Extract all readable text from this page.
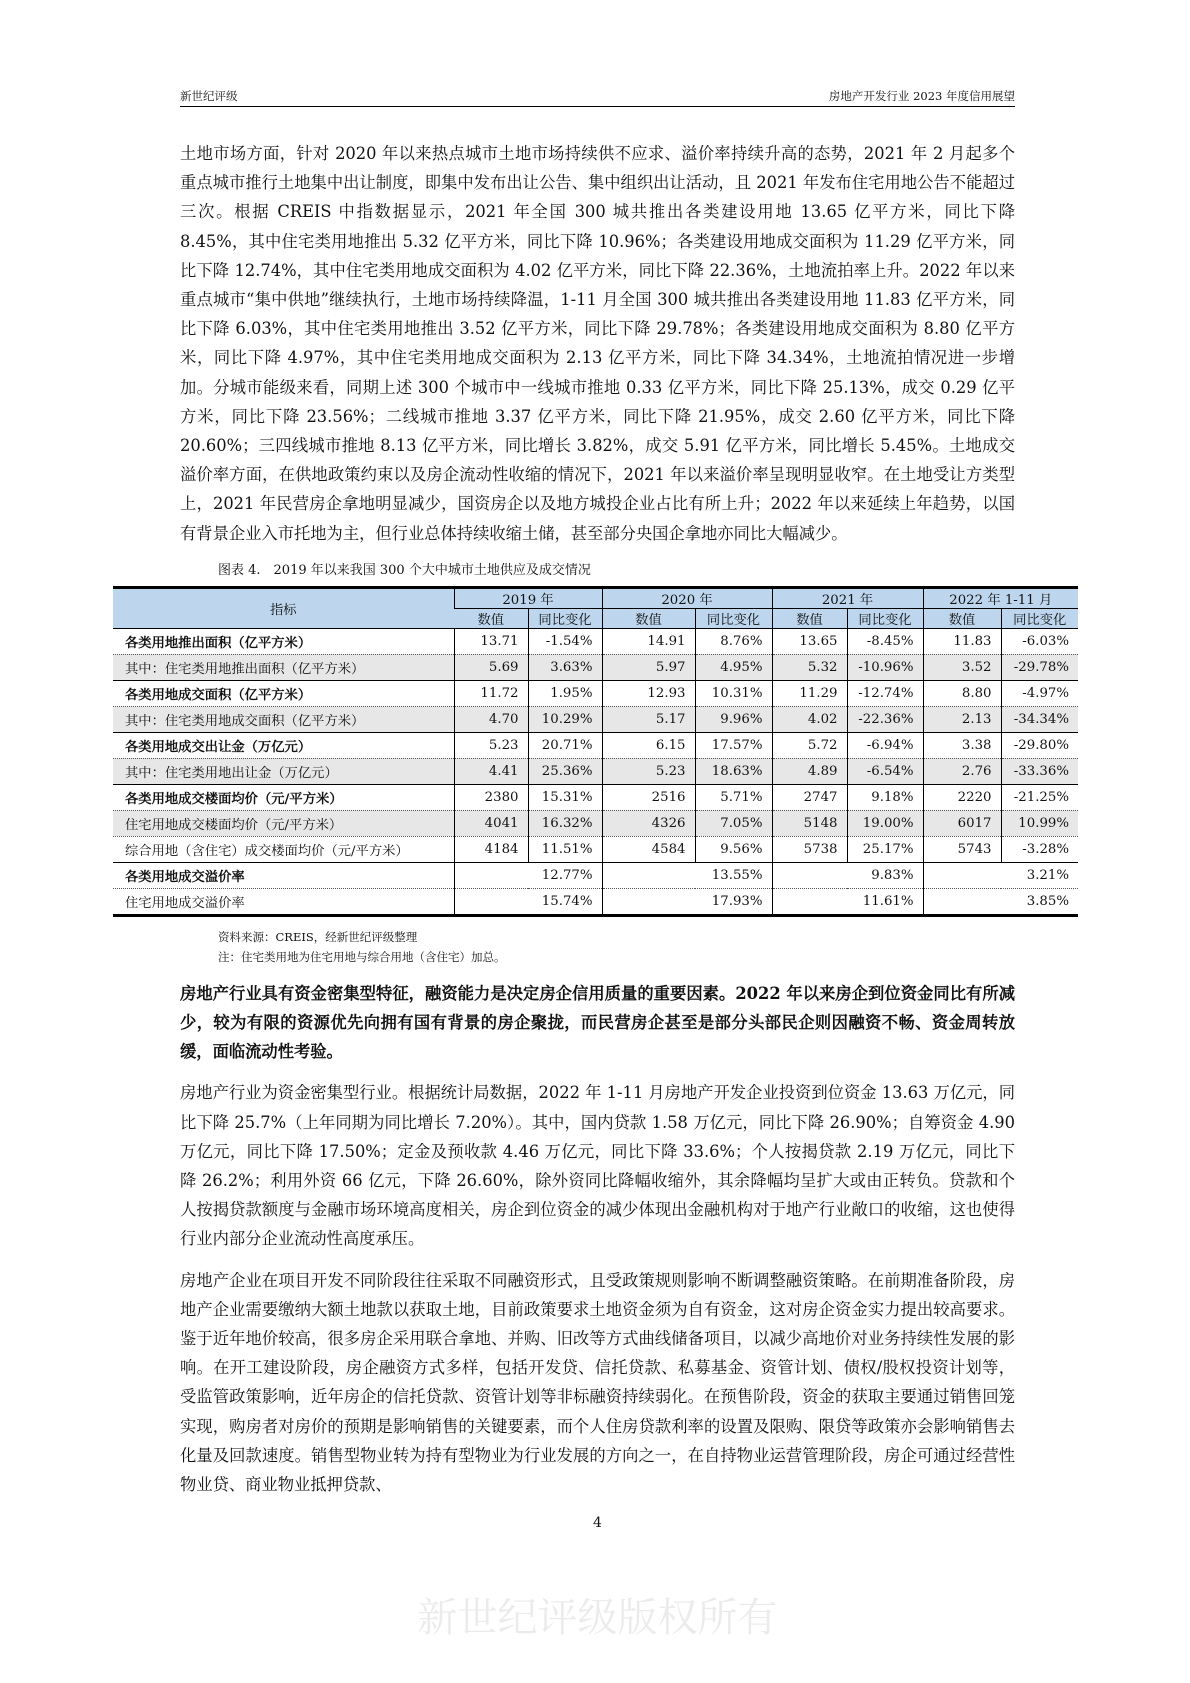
新世纪评级	房地产开发行业 2023 年度信用展望

土地市场方面，针对 2020 年以来热点城市土地市场持续供不应求、溢价率持续升高的态势，2021 年 2 月起多个重点城市推行土地集中出让制度，即集中发布出让公告、集中组织出让活动，且 2021 年发布住宅用地公告不能超过三次。根据 CREIS 中指数据显示，2021 年全国 300 城共推出各类建设用地 13.65 亿平方米，同比下降 8.45%，其中住宅类用地推出 5.32 亿平方米，同比下降 10.96%；各类建设用地成交面积为 11.29 亿平方米，同比下降 12.74%，其中住宅类用地成交面积为 4.02 亿平方米，同比下降 22.36%，土地流拍率上升。2022 年以来重点城市“集中供地”继续执行，土地市场持续降温，1-11 月全国 300 城共推出各类建设用地 11.83 亿平方米，同比下降 6.03%，其中住宅类用地推出 3.52 亿平方米，同比下降 29.78%；各类建设用地成交面积为 8.80 亿平方米，同比下降 4.97%，其中住宅类用地成交面积为 2.13 亿平方米，同比下降 34.34%，土地流拍情况进一步增加。分城市能级来看，同期上述 300 个城市中一线城市推地 0.33 亿平方米，同比下降 25.13%，成交 0.29 亿平方米，同比下降 23.56%；二线城市推地 3.37 亿平方米，同比下降 21.95%，成交 2.60 亿平方米，同比下降 20.60%；三四线城市推地 8.13 亿平方米，同比增长 3.82%，成交 5.91 亿平方米，同比增长 5.45%。土地成交溢价率方面，在供地政策约束以及房企流动性收缩的情况下，2021 年以来溢价率呈现明显收窄。在土地受让方类型上，2021 年民营房企拿地明显减少，国资房企以及地方城投企业占比有所上升；2022 年以来延续上年趋势，以国有背景企业入市托地为主，但行业总体持续收缩土储，甚至部分央国企拿地亦同比大幅减少。

图表 4.　2019 年以来我国 300 个大中城市土地供应及成交情况
指标	2019 年		2020 年		2021 年		2022 年 1-11 月	
	数值	同比变化	数值	同比变化	数值	同比变化	数值	同比变化
各类用地推出面积（亿平方米）	13.71	-1.54%	14.91	8.76%	13.65	-8.45%	11.83	-6.03%
其中：住宅类用地推出面积（亿平方米）	5.69	3.63%	5.97	4.95%	5.32	-10.96%	3.52	-29.78%
各类用地成交面积（亿平方米）	11.72	1.95%	12.93	10.31%	11.29	-12.74%	8.80	-4.97%
其中：住宅类用地成交面积（亿平方米）	4.70	10.29%	5.17	9.96%	4.02	-22.36%	2.13	-34.34%
各类用地成交出让金（万亿元）	5.23	20.71%	6.15	17.57%	5.72	-6.94%	3.38	-29.80%
其中：住宅类用地出让金（万亿元）	4.41	25.36%	5.23	18.63%	4.89	-6.54%	2.76	-33.36%
各类用地成交楼面均价（元/平方米）	2380	15.31%	2516	5.71%	2747	9.18%	2220	-21.25%
住宅用地成交楼面均价（元/平方米）	4041	16.32%	4326	7.05%	5148	19.00%	6017	10.99%
综合用地（含住宅）成交楼面均价（元/平方米）	4184	11.51%	4584	9.56%	5738	25.17%	5743	-3.28%
各类用地成交溢价率	12.77%		13.55%		9.83%		3.21%	
住宅用地成交溢价率	15.74%		17.93%		11.61%		3.85%	
资料来源：CREIS，经新世纪评级整理
注：住宅类用地为住宅用地与综合用地（含住宅）加总。

房地产行业具有资金密集型特征，融资能力是决定房企信用质量的重要因素。2022 年以来房企到位资金同比有所减少，较为有限的资源优先向拥有国有背景的房企聚拢，而民营房企甚至是部分头部民企则因融资不畅、资金周转放缓，面临流动性考验。

房地产行业为资金密集型行业。根据统计局数据，2022 年 1-11 月房地产开发企业投资到位资金 13.63 万亿元，同比下降 25.7%（上年同期为同比增长 7.20%）。其中，国内贷款 1.58 万亿元，同比下降 26.90%；自筹资金 4.90 万亿元，同比下降 17.50%；定金及预收款 4.46 万亿元，同比下降 33.6%；个人按揭贷款 2.19 万亿元，同比下降 26.2%；利用外资 66 亿元，下降 26.60%，除外资同比降幅收缩外，其余降幅均呈扩大或由正转负。贷款和个人按揭贷款额度与金融市场环境高度相关，房企到位资金的减少体现出金融机构对于地产行业敞口的收缩，这也使得行业内部分企业流动性高度承压。

房地产企业在项目开发不同阶段往往采取不同融资形式，且受政策规则影响不断调整融资策略。在前期准备阶段，房地产企业需要缴纳大额土地款以获取土地，目前政策要求土地资金须为自有资金，这对房企资金实力提出较高要求。鉴于近年地价较高，很多房企采用联合拿地、并购、旧改等方式曲线储备项目，以减少高地价对业务持续性发展的影响。在开工建设阶段，房企融资方式多样，包括开发贷、信托贷款、私募基金、资管计划、债权/股权投资计划等，受监管政策影响，近年房企的信托贷款、资管计划等非标融资持续弱化。在预售阶段，资金的获取主要通过销售回笼实现，购房者对房价的预期是影响销售的关键要素，而个人住房贷款利率的设置及限购、限贷等政策亦会影响销售去化量及回款速度。销售型物业转为持有型物业为行业发展的方向之一，在自持物业运营管理阶段，房企可通过经营性物业贷、商业物业抵押贷款、

4
新世纪评级版权所有
